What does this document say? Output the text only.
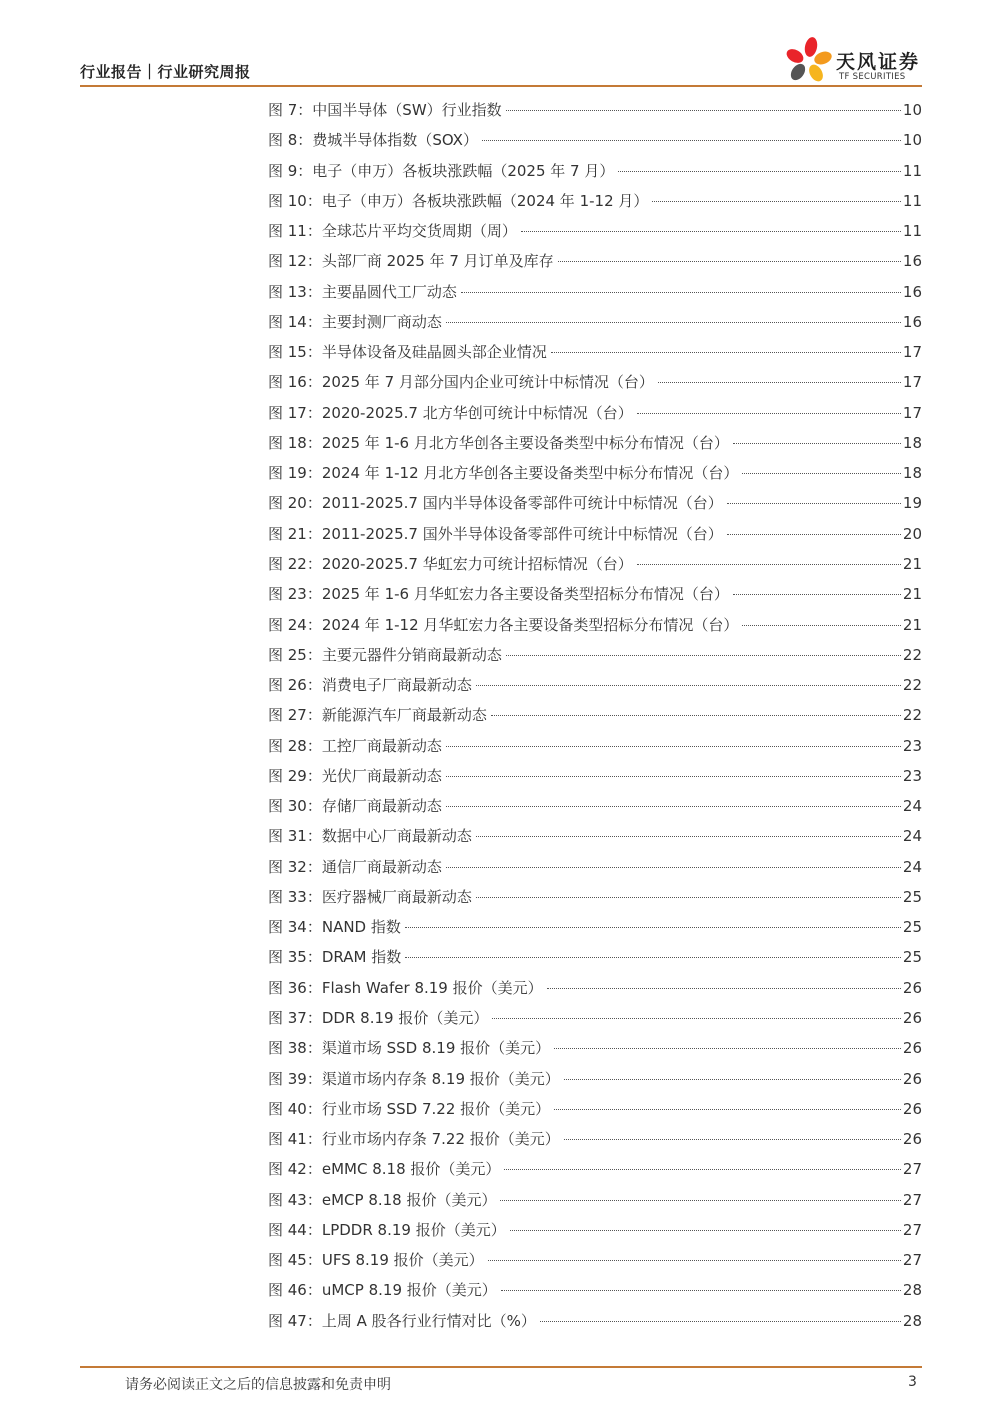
行业报告｜行业研究周报	天风证券
TF SECURITIES
图 7：中国半导体（SW）行业指数	10
图 8：费城半导体指数（SOX）	10
图 9：电子（申万）各板块涨跌幅（2025 年 7 月）	11
图 10：电子（申万）各板块涨跌幅（2024 年 1-12 月）	11
图 11：全球芯片平均交货周期（周）	11
图 12：头部厂商 2025 年 7 月订单及库存	16
图 13：主要晶圆代工厂动态	16
图 14：主要封测厂商动态	16
图 15：半导体设备及硅晶圆头部企业情况	17
图 16：2025 年 7 月部分国内企业可统计中标情况（台）	17
图 17：2020-2025.7 北方华创可统计中标情况（台）	17
图 18：2025 年 1-6 月北方华创各主要设备类型中标分布情况（台）	18
图 19：2024 年 1-12 月北方华创各主要设备类型中标分布情况（台）	18
图 20：2011-2025.7 国内半导体设备零部件可统计中标情况（台）	19
图 21：2011-2025.7 国外半导体设备零部件可统计中标情况（台）	20
图 22：2020-2025.7 华虹宏力可统计招标情况（台）	21
图 23：2025 年 1-6 月华虹宏力各主要设备类型招标分布情况（台）	21
图 24：2024 年 1-12 月华虹宏力各主要设备类型招标分布情况（台）	21
图 25：主要元器件分销商最新动态	22
图 26：消费电子厂商最新动态	22
图 27：新能源汽车厂商最新动态	22
图 28：工控厂商最新动态	23
图 29：光伏厂商最新动态	23
图 30：存储厂商最新动态	24
图 31：数据中心厂商最新动态	24
图 32：通信厂商最新动态	24
图 33：医疗器械厂商最新动态	25
图 34：NAND 指数	25
图 35：DRAM 指数	25
图 36：Flash Wafer 8.19 报价（美元）	26
图 37：DDR 8.19 报价（美元）	26
图 38：渠道市场 SSD 8.19 报价（美元）	26
图 39：渠道市场内存条 8.19 报价（美元）	26
图 40：行业市场 SSD 7.22 报价（美元）	26
图 41：行业市场内存条 7.22 报价（美元）	26
图 42：eMMC 8.18 报价（美元）	27
图 43：eMCP 8.18 报价（美元）	27
图 44：LPDDR 8.19 报价（美元）	27
图 45：UFS 8.19 报价（美元）	27
图 46：uMCP 8.19 报价（美元）	28
图 47：上周 A 股各行业行情对比（%）	28
请务必阅读正文之后的信息披露和免责申明	3
